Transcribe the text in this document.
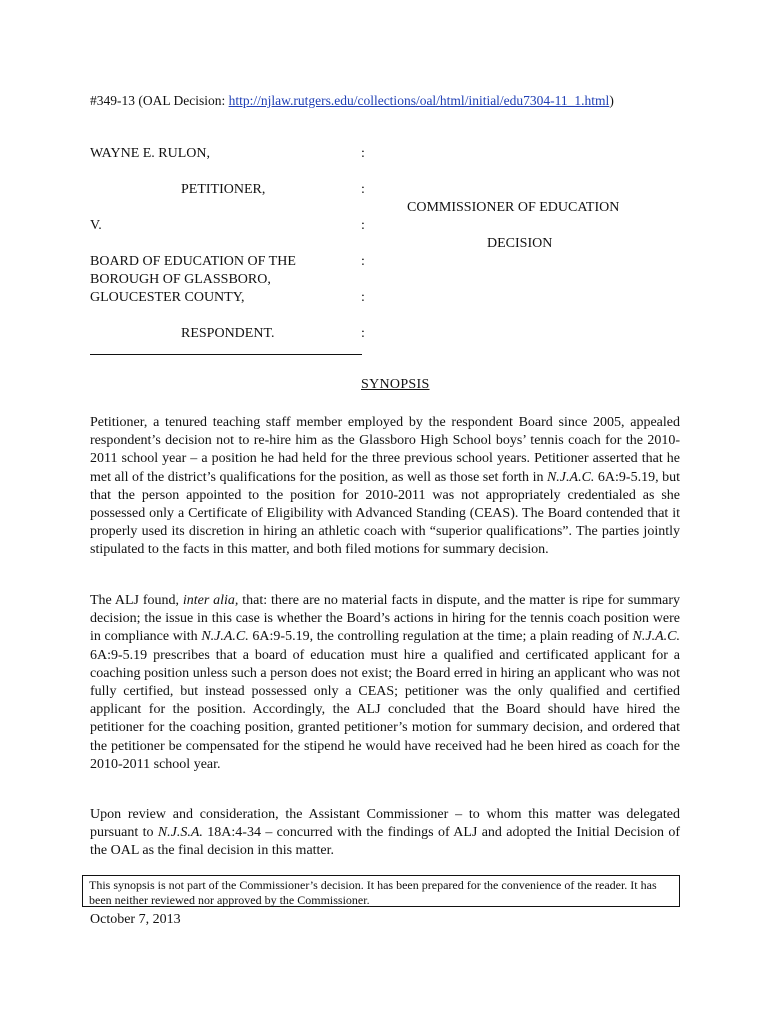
#349-13 (OAL Decision: http://njlaw.rutgers.edu/collections/oal/html/initial/edu7304-11_1.html)
WAYNE E. RULON,	:
PETITIONER,	:
COMMISSIONER OF EDUCATION
V.	:
DECISION
BOARD OF EDUCATION OF THE	:
BOROUGH OF GLASSBORO,
GLOUCESTER COUNTY,	:
RESPONDENT.	:
SYNOPSIS
Petitioner, a tenured teaching staff member employed by the respondent Board since 2005, appealed respondent’s decision not to re-hire him as the Glassboro High School boys’ tennis coach for the 2010-2011 school year – a position he had held for the three previous school years. Petitioner asserted that he met all of the district’s qualifications for the position, as well as those set forth in N.J.A.C. 6A:9-5.19, but that the person appointed to the position for 2010-2011 was not appropriately credentialed as she possessed only a Certificate of Eligibility with Advanced Standing (CEAS). The Board contended that it properly used its discretion in hiring an athletic coach with “superior qualifications”. The parties jointly stipulated to the facts in this matter, and both filed motions for summary decision.
The ALJ found, inter alia, that: there are no material facts in dispute, and the matter is ripe for summary decision; the issue in this case is whether the Board’s actions in hiring for the tennis coach position were in compliance with N.J.A.C. 6A:9-5.19, the controlling regulation at the time; a plain reading of N.J.A.C. 6A:9-5.19 prescribes that a board of education must hire a qualified and certificated applicant for a coaching position unless such a person does not exist; the Board erred in hiring an applicant who was not fully certified, but instead possessed only a CEAS; petitioner was the only qualified and certified applicant for the position. Accordingly, the ALJ concluded that the Board should have hired the petitioner for the coaching position, granted petitioner’s motion for summary decision, and ordered that the petitioner be compensated for the stipend he would have received had he been hired as coach for the 2010-2011 school year.
Upon review and consideration, the Assistant Commissioner – to whom this matter was delegated pursuant to N.J.S.A. 18A:4-34 – concurred with the findings of ALJ and adopted the Initial Decision of the OAL as the final decision in this matter.
This synopsis is not part of the Commissioner’s decision. It has been prepared for the convenience of the reader. It has been neither reviewed nor approved by the Commissioner.
October 7, 2013
